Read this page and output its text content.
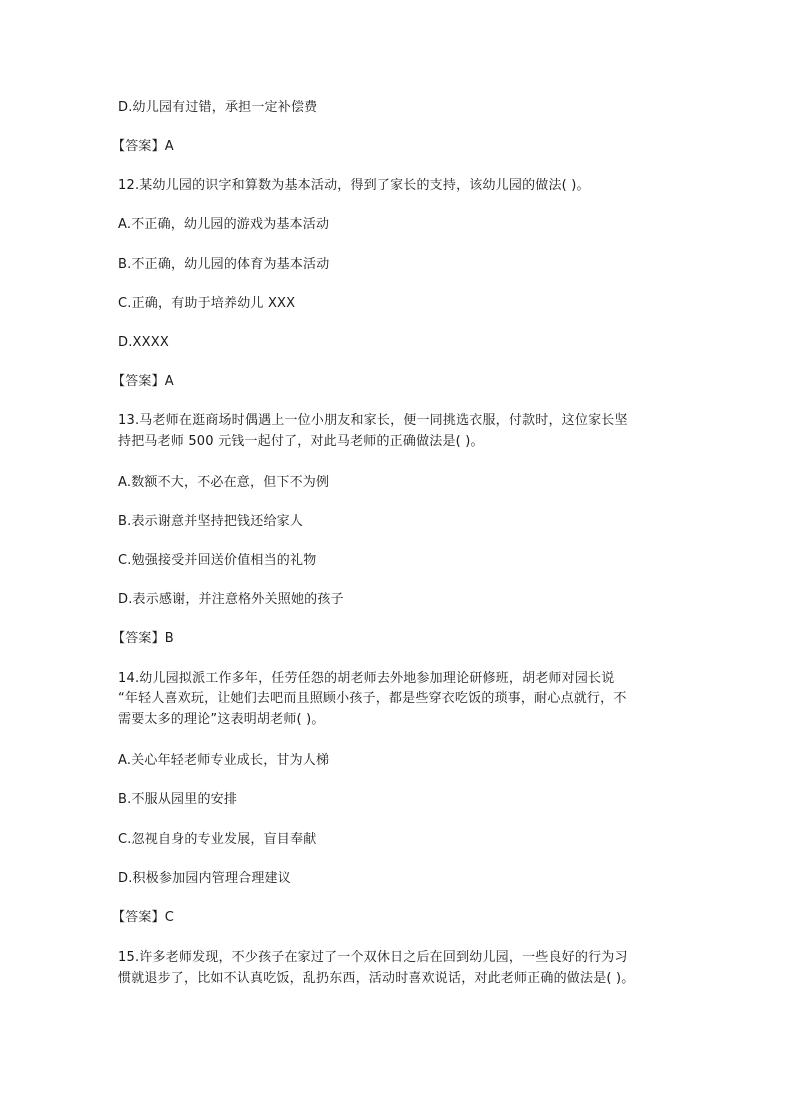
D.幼儿园有过错，承担一定补偿费
【答案】A
12.某幼儿园的识字和算数为基本活动，得到了家长的支持，该幼儿园的做法( )。
A.不正确，幼儿园的游戏为基本活动
B.不正确，幼儿园的体育为基本活动
C.正确，有助于培养幼儿 XXX
D.XXXX
【答案】A
13.马老师在逛商场时偶遇上一位小朋友和家长，便一同挑选衣服，付款时，这位家长坚
持把马老师 500 元钱一起付了，对此马老师的正确做法是( )。
A.数额不大，不必在意，但下不为例
B.表示谢意并坚持把钱还给家人
C.勉强接受并回送价值相当的礼物
D.表示感谢，并注意格外关照她的孩子
【答案】B
14.幼儿园拟派工作多年，任劳任怨的胡老师去外地参加理论研修班，胡老师对园长说
“年轻人喜欢玩，让她们去吧而且照顾小孩子，都是些穿衣吃饭的琐事，耐心点就行，不
需要太多的理论”这表明胡老师( )。
A.关心年轻老师专业成长，甘为人梯
B.不服从园里的安排
C.忽视自身的专业发展，盲目奉献
D.积极参加园内管理合理建议
【答案】C
15.许多老师发现，不少孩子在家过了一个双休日之后在回到幼儿园，一些良好的行为习
惯就退步了，比如不认真吃饭，乱扔东西，活动时喜欢说话，对此老师正确的做法是( )。
